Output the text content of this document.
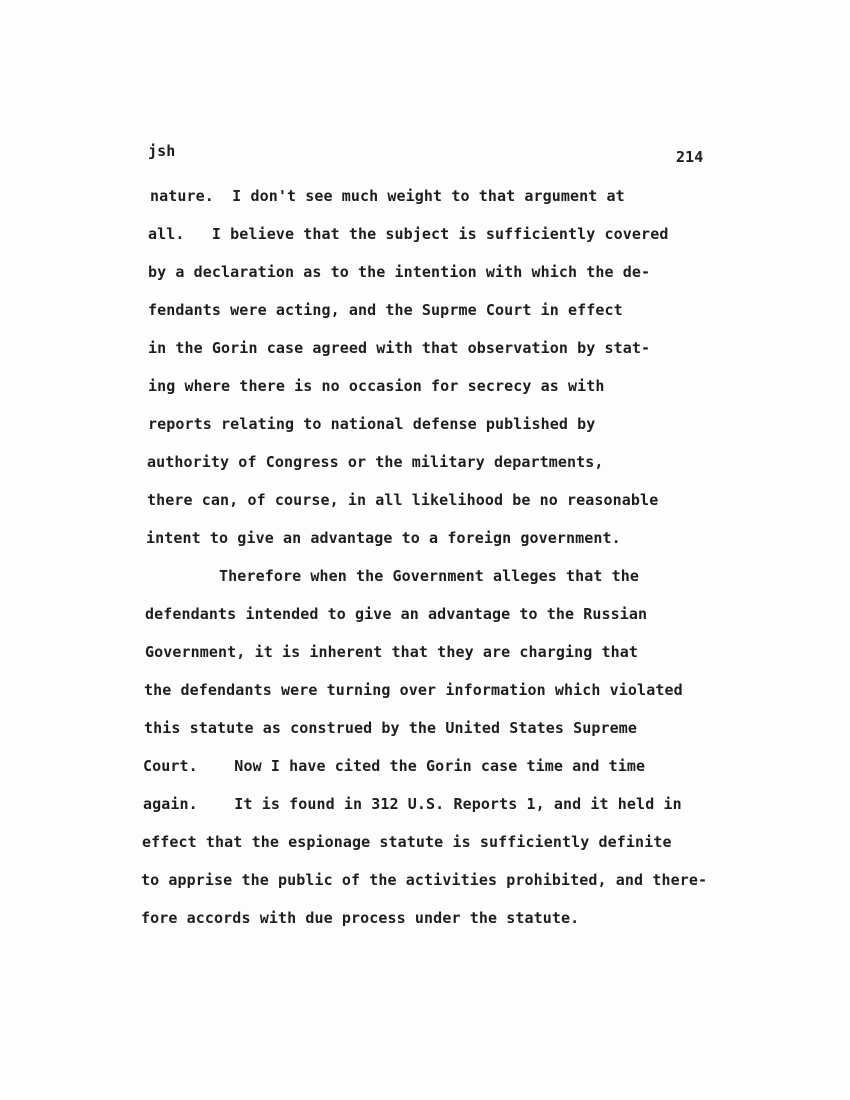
jsh	214
nature.  I don't see much weight to that argument at
all.   I believe that the subject is sufficiently covered
by a declaration as to the intention with which the de-
fendants were acting, and the Suprme Court in effect
in the Gorin case agreed with that observation by stat-
ing where there is no occasion for secrecy as with
reports relating to national defense published by
authority of Congress or the military departments,
there can, of course, in all likelihood be no reasonable
intent to give an advantage to a foreign government.
Therefore when the Government alleges that the
defendants intended to give an advantage to the Russian
Government, it is inherent that they are charging that
the defendants were turning over information which violated
this statute as construed by the United States Supreme
Court.    Now I have cited the Gorin case time and time
again.    It is found in 312 U.S. Reports 1, and it held in
effect that the espionage statute is sufficiently definite
to apprise the public of the activities prohibited, and there-
fore accords with due process under the statute.
